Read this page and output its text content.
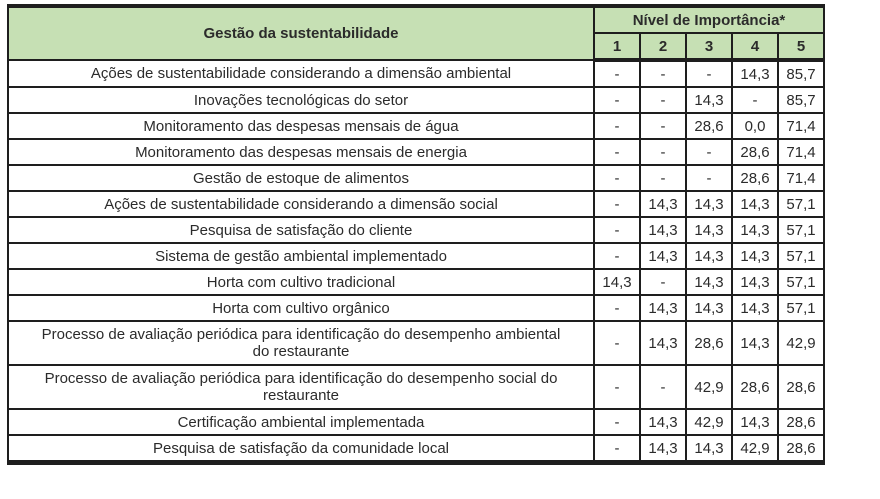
Gestão da sustentabilidade	Nível de Importância*				
	1	2	3	4	5
Ações de sustentabilidade considerando a dimensão ambiental	-	-	-	14,3	85,7
Inovações tecnológicas do setor	-	-	14,3	-	85,7
Monitoramento das despesas mensais de água	-	-	28,6	0,0	71,4
Monitoramento das despesas mensais de energia	-	-	-	28,6	71,4
Gestão de estoque de alimentos	-	-	-	28,6	71,4
Ações de sustentabilidade considerando a dimensão social	-	14,3	14,3	14,3	57,1
Pesquisa de satisfação do cliente	-	14,3	14,3	14,3	57,1
Sistema de gestão ambiental implementado	-	14,3	14,3	14,3	57,1
Horta com cultivo tradicional	14,3	-	14,3	14,3	57,1
Horta com cultivo orgânico	-	14,3	14,3	14,3	57,1
Processo de avaliação periódica para identificação do desempenho ambiental do restaurante	-	14,3	28,6	14,3	42,9
Processo de avaliação periódica para identificação do desempenho social do restaurante	-	-	42,9	28,6	28,6
Certificação ambiental implementada	-	14,3	42,9	14,3	28,6
Pesquisa de satisfação da comunidade local	-	14,3	14,3	42,9	28,6
